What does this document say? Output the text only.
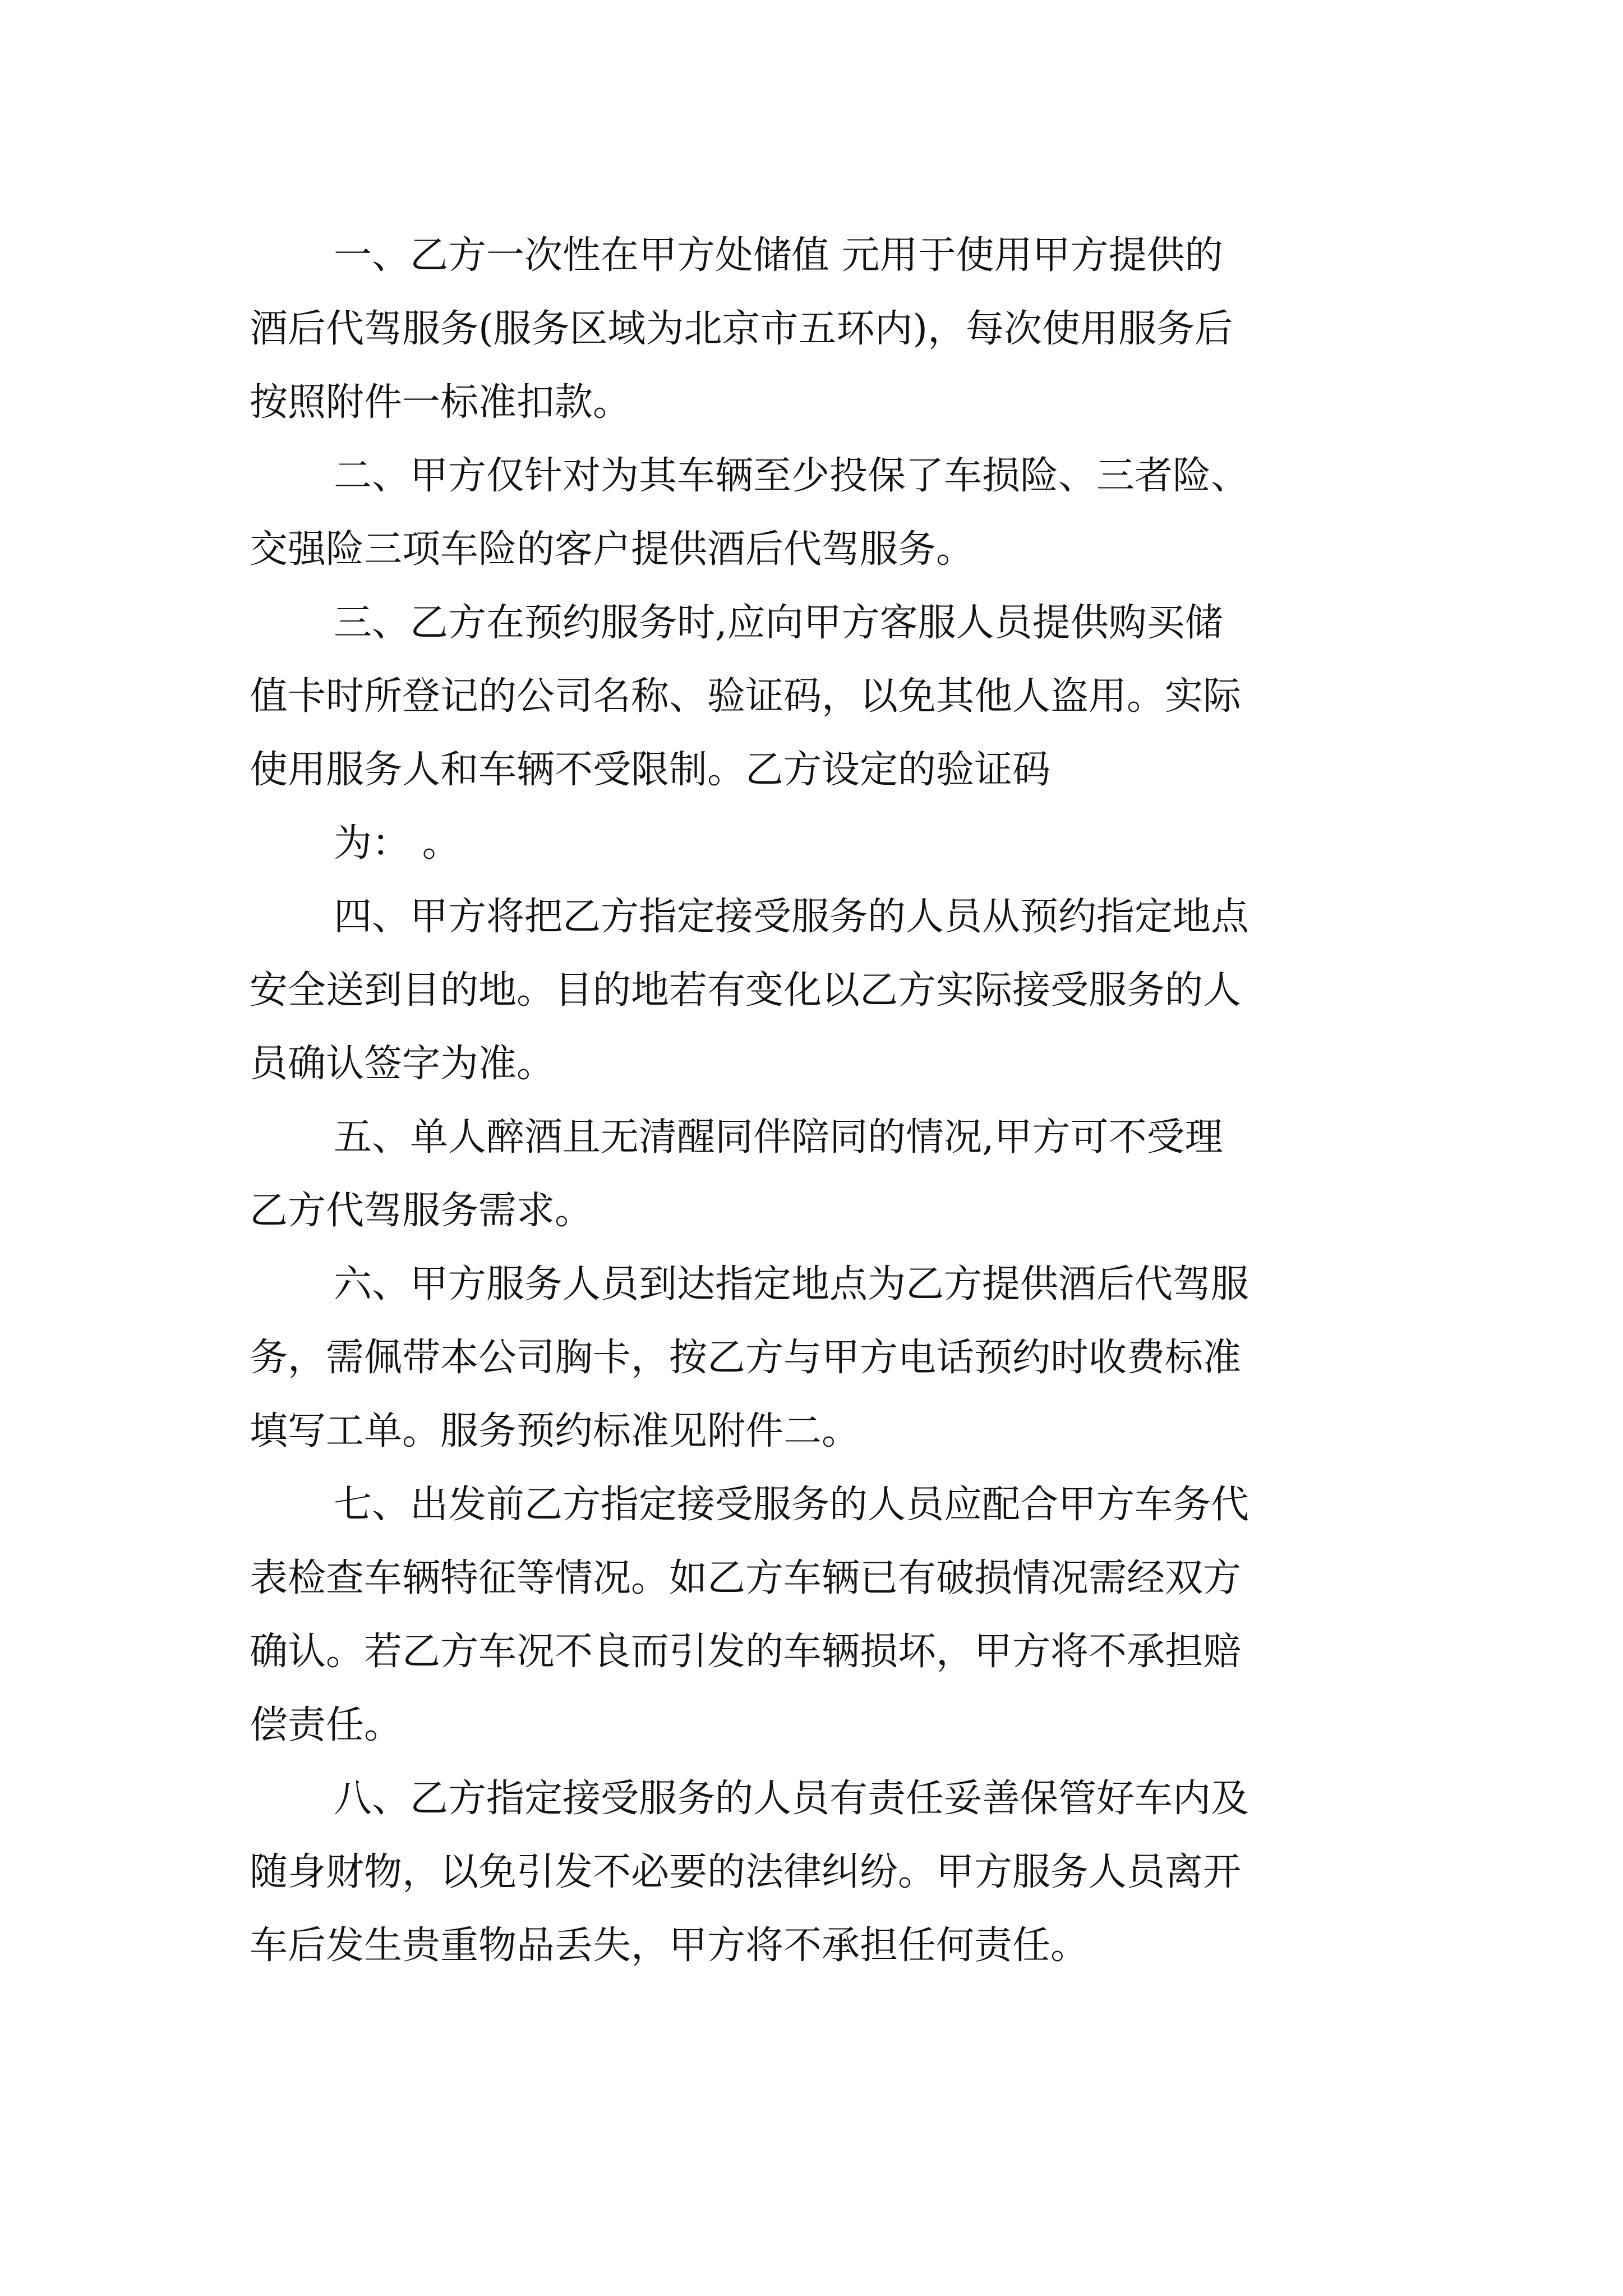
一、乙方一次性在甲方处储值 元用于使用甲方提供的
酒后代驾服务(服务区域为北京市五环内)，每次使用服务后
按照附件一标准扣款。
二、甲方仅针对为其车辆至少投保了车损险、三者险、
交强险三项车险的客户提供酒后代驾服务。
三、乙方在预约服务时,应向甲方客服人员提供购买储
值卡时所登记的公司名称、验证码，以免其他人盗用。实际
使用服务人和车辆不受限制。乙方设定的验证码
为： 。
四、甲方将把乙方指定接受服务的人员从预约指定地点
安全送到目的地。目的地若有变化以乙方实际接受服务的人
员确认签字为准。
五、单人醉酒且无清醒同伴陪同的情况,甲方可不受理
乙方代驾服务需求。
六、甲方服务人员到达指定地点为乙方提供酒后代驾服
务，需佩带本公司胸卡，按乙方与甲方电话预约时收费标准
填写工单。服务预约标准见附件二。
七、出发前乙方指定接受服务的人员应配合甲方车务代
表检查车辆特征等情况。如乙方车辆已有破损情况需经双方
确认。若乙方车况不良而引发的车辆损坏，甲方将不承担赔
偿责任。
八、乙方指定接受服务的人员有责任妥善保管好车内及
随身财物，以免引发不必要的法律纠纷。甲方服务人员离开
车后发生贵重物品丢失，甲方将不承担任何责任。
